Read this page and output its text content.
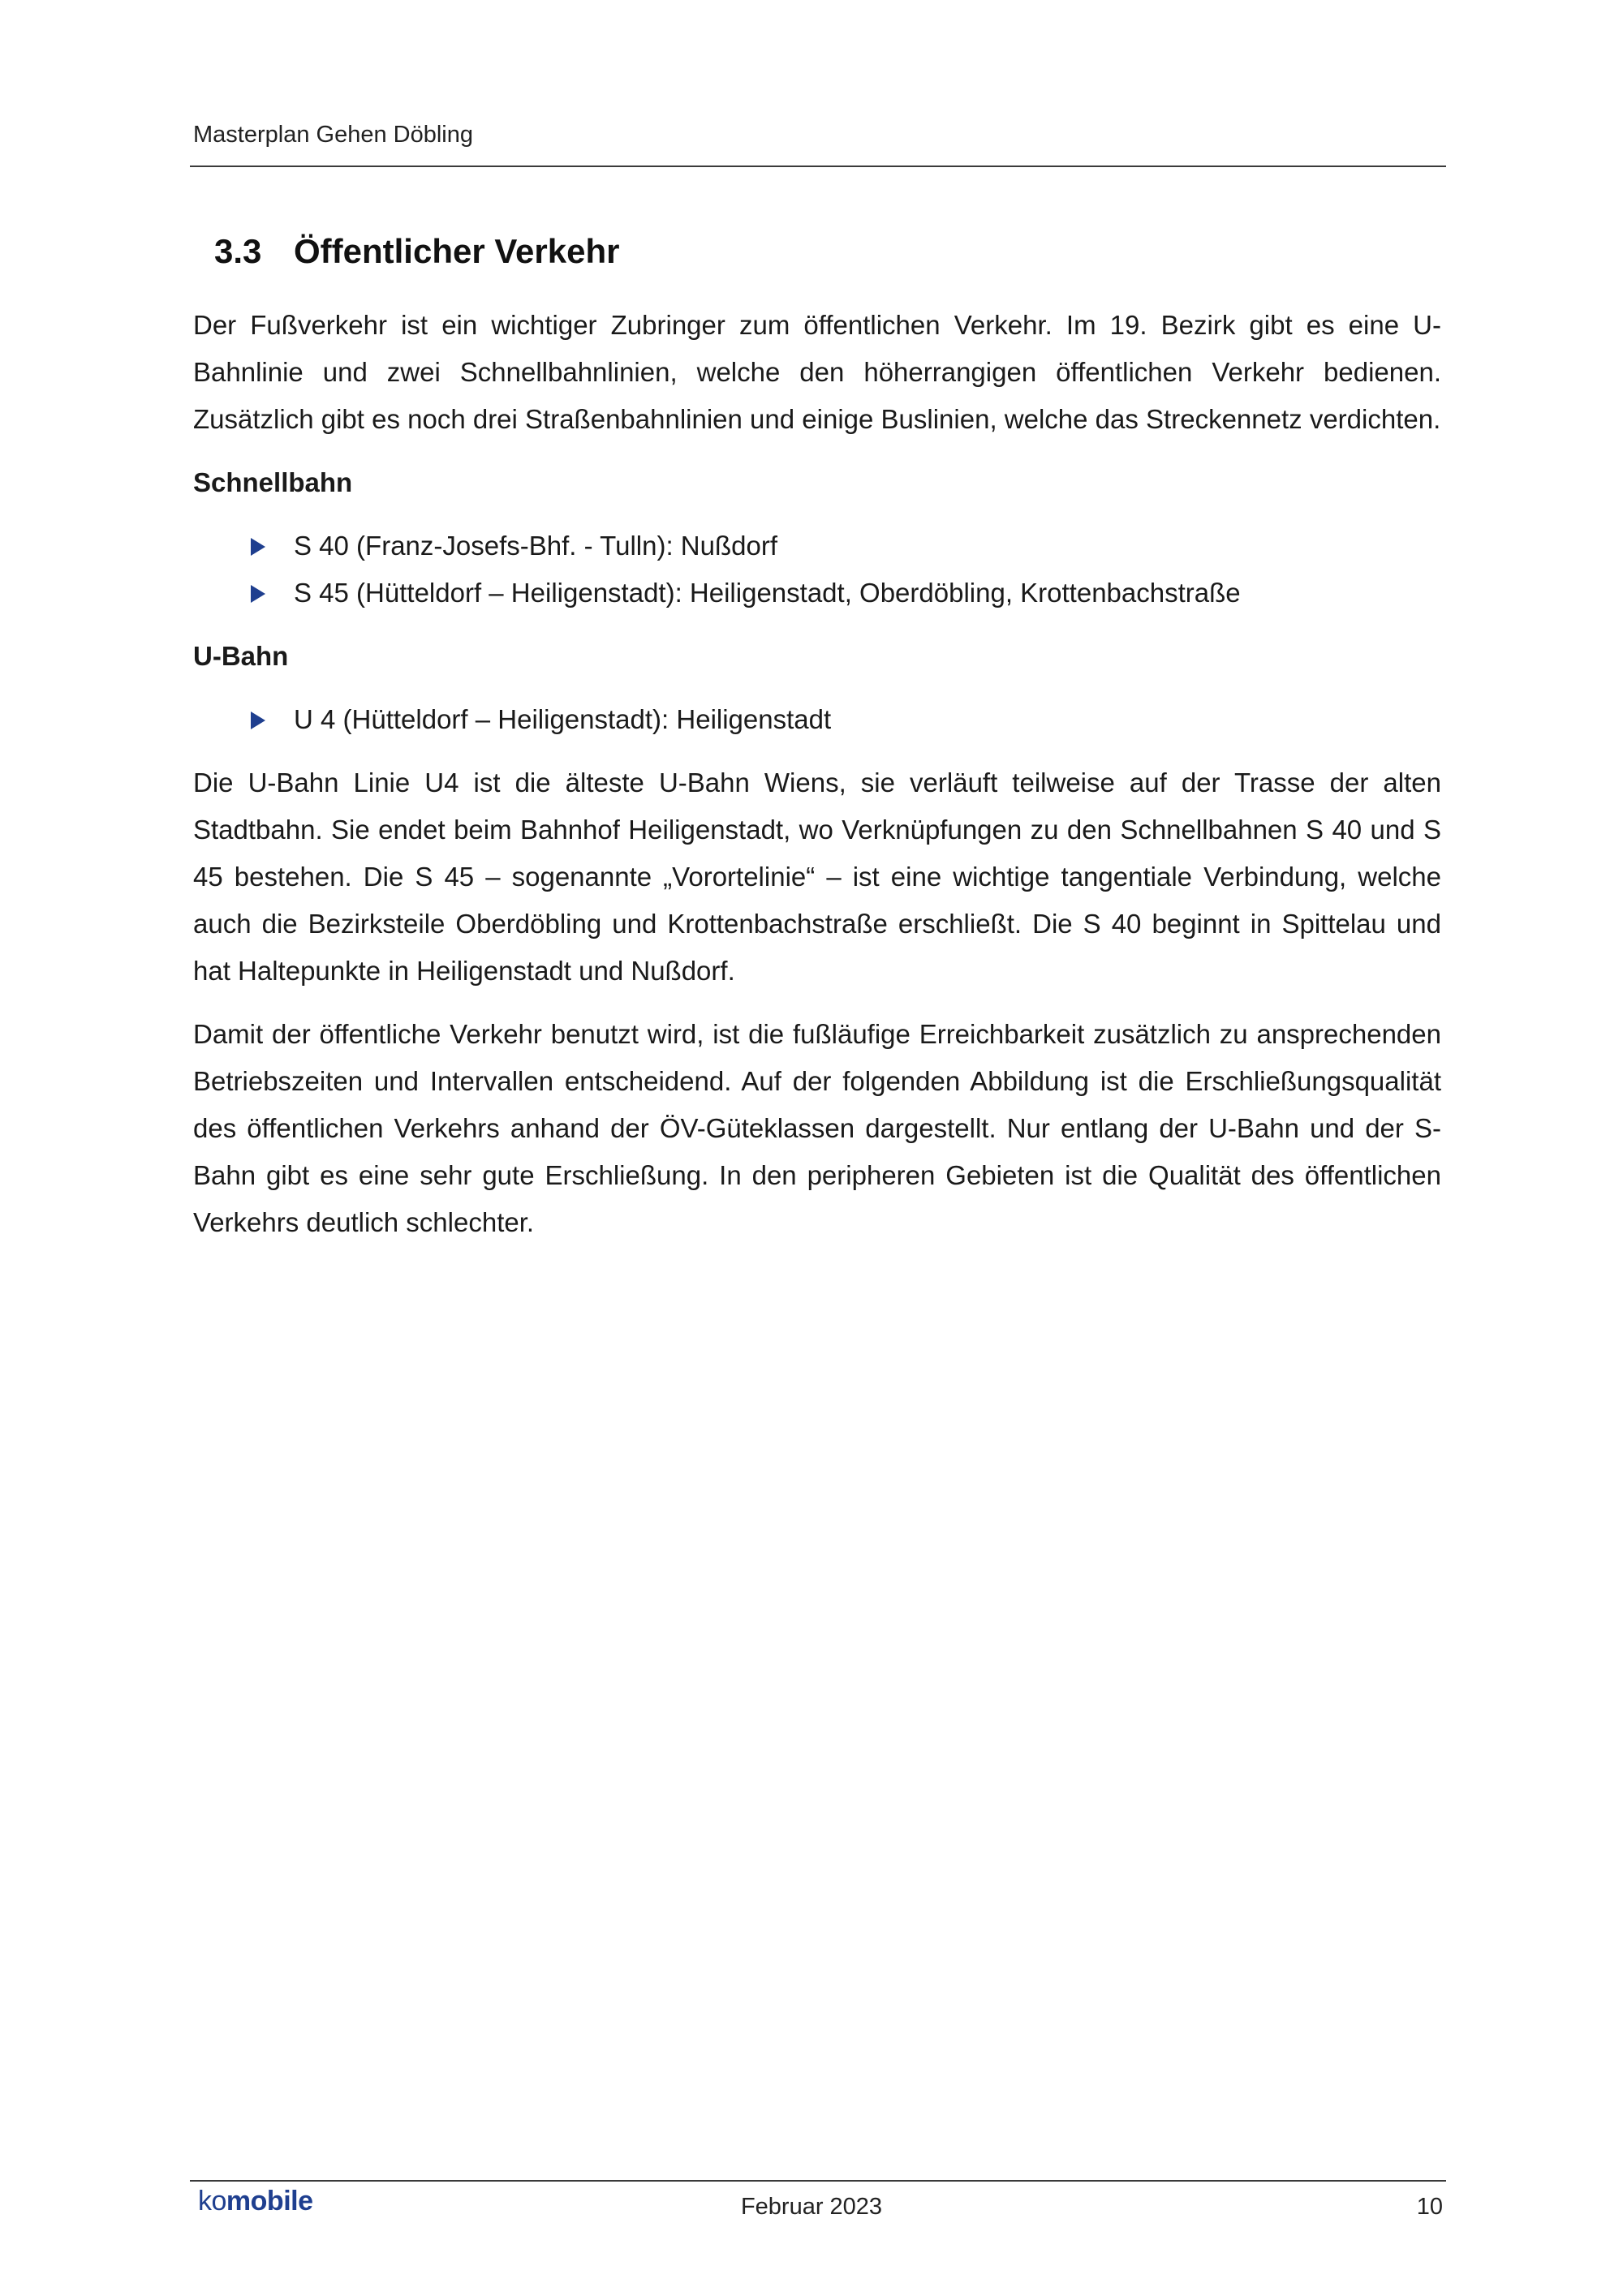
Masterplan Gehen Döbling
3.3 Öffentlicher Verkehr

Der Fußverkehr ist ein wichtiger Zubringer zum öffentlichen Verkehr. Im 19. Bezirk gibt es eine U-Bahnlinie und zwei Schnellbahnlinien, welche den höherrangigen öffentlichen Verkehr bedienen. Zusätzlich gibt es noch drei Straßenbahnlinien und einige Buslinien, welche das Streckennetz verdichten.

Schnellbahn
S 40 (Franz-Josefs-Bhf. - Tulln): Nußdorf
S 45 (Hütteldorf – Heiligenstadt): Heiligenstadt, Oberdöbling, Krottenbachstraße
U-Bahn
U 4 (Hütteldorf – Heiligenstadt): Heiligenstadt

Die U-Bahn Linie U4 ist die älteste U-Bahn Wiens, sie verläuft teilweise auf der Trasse der alten Stadtbahn. Sie endet beim Bahnhof Heiligenstadt, wo Verknüpfungen zu den Schnellbahnen S 40 und S 45 bestehen. Die S 45 – sogenannte „Vorortelinie“ – ist eine wichtige tangentiale Verbindung, welche auch die Bezirksteile Oberdöbling und Krottenbachstraße erschließt. Die S 40 beginnt in Spittelau und hat Haltepunkte in Heiligenstadt und Nußdorf.

Damit der öffentliche Verkehr benutzt wird, ist die fußläufige Erreichbarkeit zusätzlich zu ansprechenden Betriebszeiten und Intervallen entscheidend. Auf der folgenden Abbildung ist die Erschließungsqualität des öffentlichen Verkehrs anhand der ÖV-Güteklassen dargestellt. Nur entlang der U-Bahn und der S-Bahn gibt es eine sehr gute Erschließung. In den peripheren Gebieten ist die Qualität des öffentlichen Verkehrs deutlich schlechter.

komobile	Februar 2023	10
